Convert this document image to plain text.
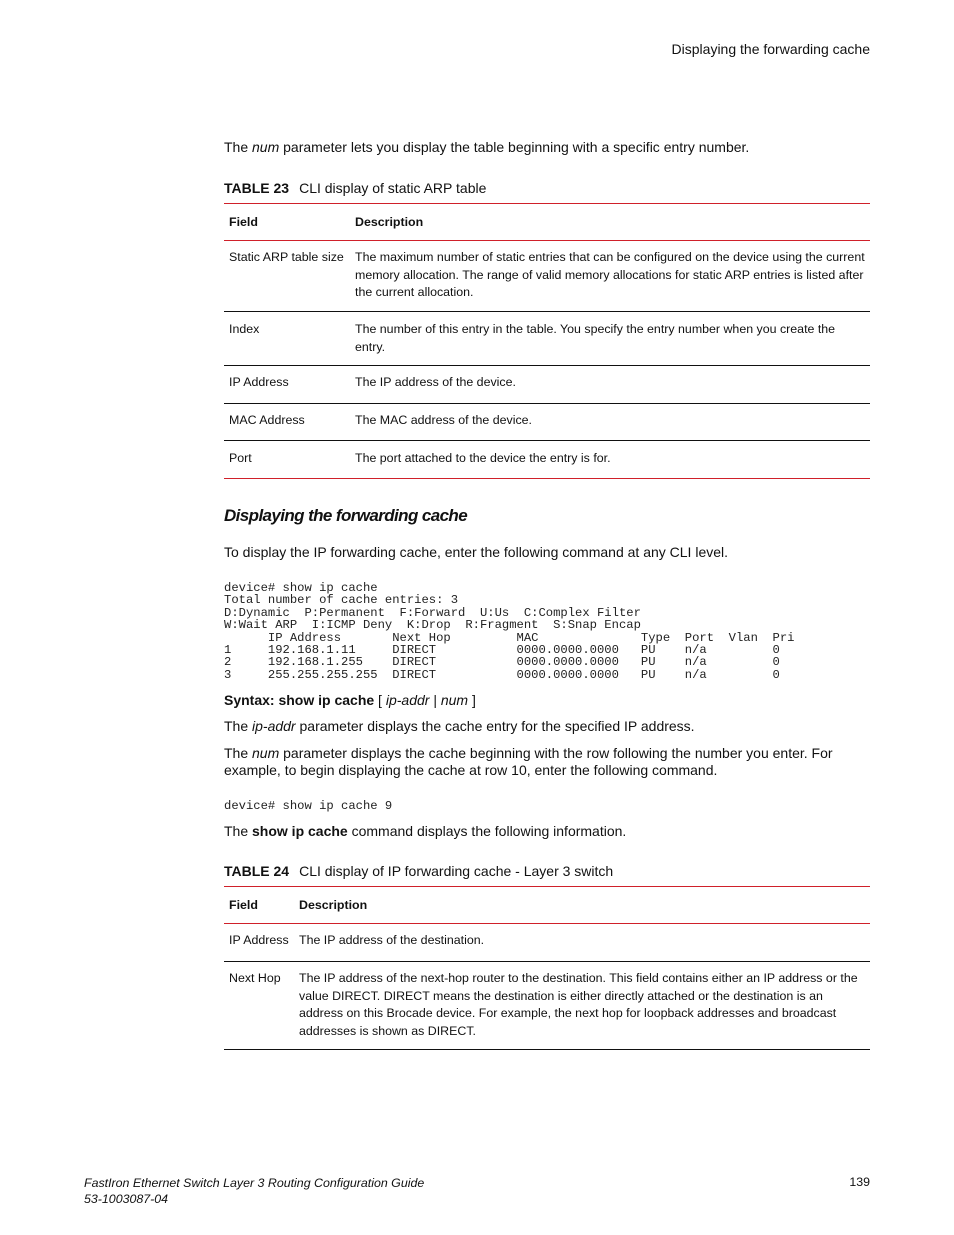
Displaying the forwarding cache

The num parameter lets you display the table beginning with a specific entry number.

TABLE 23 CLI display of static ARP table
Field	Description
Static ARP table size	The maximum number of static entries that can be configured on the device using the current memory allocation. The range of valid memory allocations for static ARP entries is listed after the current allocation.
Index	The number of this entry in the table. You specify the entry number when you create the entry.
IP Address	The IP address of the device.
MAC Address	The MAC address of the device.
Port	The port attached to the device the entry is for.
Displaying the forwarding cache

To display the IP forwarding cache, enter the following command at any CLI level.

device# show ip cache
Total number of cache entries: 3
D:Dynamic  P:Permanent  F:Forward  U:Us  C:Complex Filter
W:Wait ARP  I:ICMP Deny  K:Drop  R:Fragment  S:Snap Encap
IP Address       Next Hop         MAC              Type  Port  Vlan  Pri
1     192.168.1.11     DIRECT           0000.0000.0000   PU    n/a         0
2     192.168.1.255    DIRECT           0000.0000.0000   PU    n/a         0
3     255.255.255.255  DIRECT           0000.0000.0000   PU    n/a         0
Syntax: show ip cache [ ip-addr | num ]

The ip-addr parameter displays the cache entry for the specified IP address.

The num parameter displays the cache beginning with the row following the number you enter. For example, to begin displaying the cache at row 10, enter the following command.

device# show ip cache 9

The show ip cache command displays the following information.

TABLE 24 CLI display of IP forwarding cache - Layer 3 switch
Field	Description
IP Address	The IP address of the destination.
Next Hop	The IP address of the next-hop router to the destination. This field contains either an IP address or the value DIRECT. DIRECT means the destination is either directly attached or the destination is an address on this Brocade device. For example, the next hop for loopback addresses and broadcast addresses is shown as DIRECT.
FastIron Ethernet Switch Layer 3 Routing Configuration Guide
53-1003087-04
139
